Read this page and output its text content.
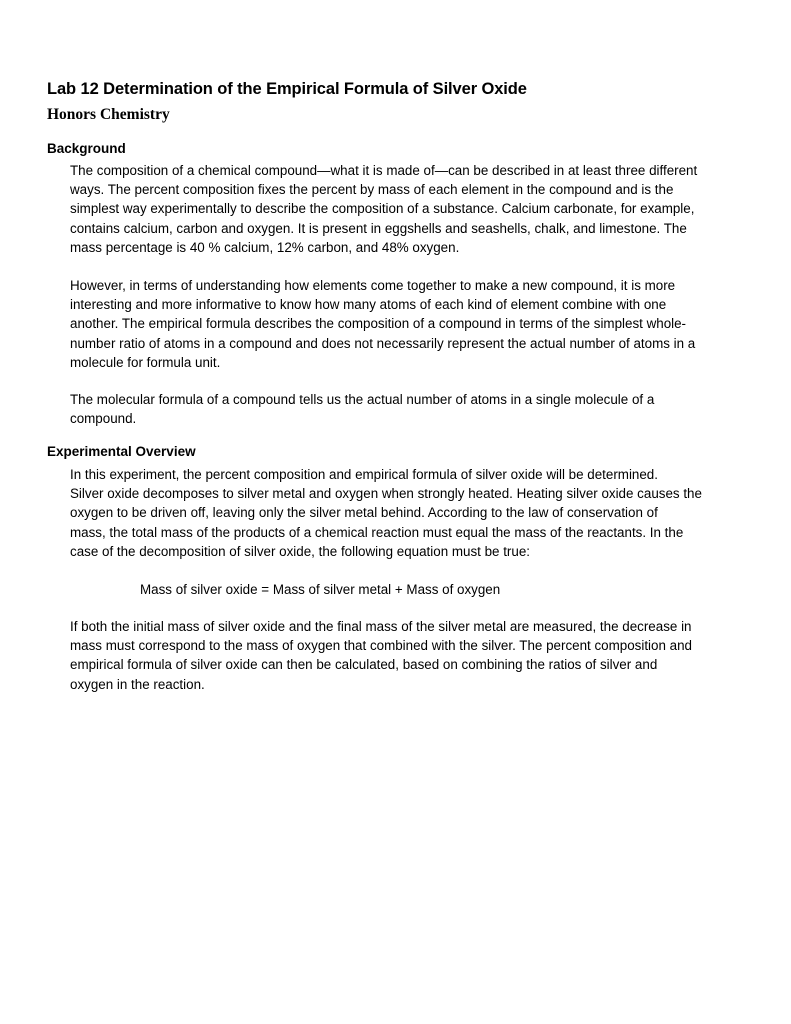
Lab 12 Determination of the Empirical Formula of Silver Oxide
Honors Chemistry
Background
The composition of a chemical compound—what it is made of—can be described in at least three different
ways. The percent composition fixes the percent by mass of each element in the compound and is the
simplest way experimentally to describe the composition of a substance. Calcium carbonate, for example,
contains calcium, carbon and oxygen. It is present in eggshells and seashells, chalk, and limestone. The
mass percentage is 40 % calcium, 12% carbon, and 48% oxygen.
However, in terms of understanding how elements come together to make a new compound, it is more
interesting and more informative to know how many atoms of each kind of element combine with one
another. The empirical formula describes the composition of a compound in terms of the simplest whole-
number ratio of atoms in a compound and does not necessarily represent the actual number of atoms in a
molecule for formula unit.
The molecular formula of a compound tells us the actual number of atoms in a single molecule of a
compound.
Experimental Overview
In this experiment, the percent composition and empirical formula of silver oxide will be determined.
Silver oxide decomposes to silver metal and oxygen when strongly heated. Heating silver oxide causes the
oxygen to be driven off, leaving only the silver metal behind. According to the law of conservation of
mass, the total mass of the products of a chemical reaction must equal the mass of the reactants. In the
case of the decomposition of silver oxide, the following equation must be true:
Mass of silver oxide = Mass of silver metal + Mass of oxygen
If both the initial mass of silver oxide and the final mass of the silver metal are measured, the decrease in
mass must correspond to the mass of oxygen that combined with the silver. The percent composition and
empirical formula of silver oxide can then be calculated, based on combining the ratios of silver and
oxygen in the reaction.
